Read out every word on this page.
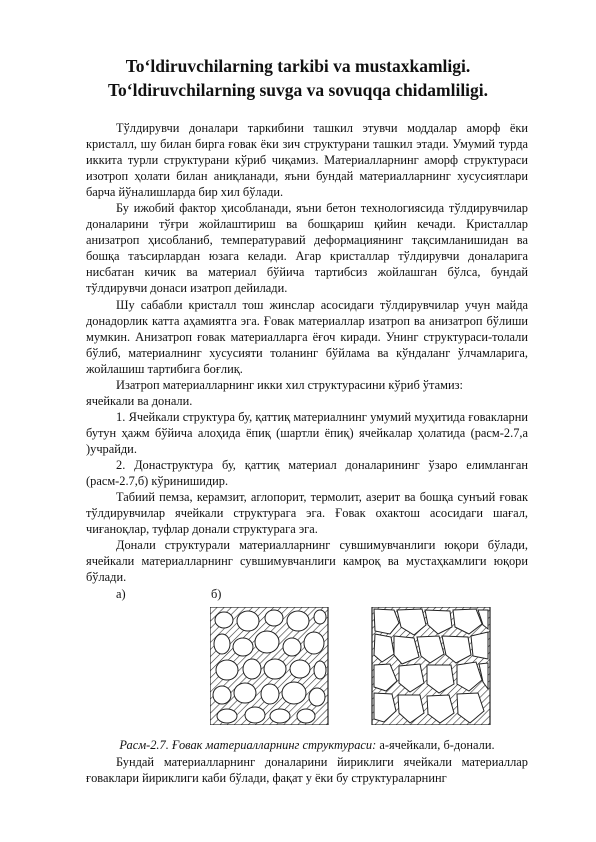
To‘ldiruvchilarning tarkibi va mustaxkamligi.
To‘ldiruvchilarning suvga va sovuqqa chidamliligi.

Тўлдирувчи доналари таркибини ташкил этувчи моддалар аморф ёки кристалл, шу билан бирга ғовак ёки зич структурани ташкил этади. Умумий турда иккита турли структурани кўриб чиқамиз. Материалларнинг аморф структураси изотроп ҳолати билан аниқланади, яъни бундай материалларнинг хусусиятлари барча йўналишларда бир хил бўлади.

Бу ижобий фактор ҳисобланади, яъни бетон технологиясида тўлдирувчилар доналарини тўғри жойлаштириш ва бошқариш қийин кечади. Кристаллар анизатроп ҳисобланиб, температуравий деформациянинг тақсимланишидан ва бошқа таъсирлардан юзага келади. Агар кристаллар тўлдирувчи доналарига нисбатан кичик ва материал бўйича тартибсиз жойлашган бўлса, бундай тўлдирувчи донаси изатроп дейилади.

Шу сабабли кристалл тош жинслар асосидаги тўлдирувчилар учун майда донадорлик катта аҳамиятга эга. Ғовак материаллар изатроп ва анизатроп бўлиши мумкин. Анизатроп ғовак материалларга ёғоч киради. Унинг структураси-толали бўлиб, материалнинг хусусияти толанинг бўйлама ва кўндаланг ўлчамларига, жойлашиш тартибига боғлиқ.

Изатроп материалларнинг икки хил структурасини кўриб ўтамиз:

ячейкали ва донали.

1. Ячейкали структура бу, қаттиқ материалнинг умумий муҳитида ғовакларни бутун ҳажм бўйича алоҳида ёпиқ (шартли ёпиқ) ячейкалар ҳолатида (расм-2.7,а )учрайди.

2. Донаструктура бу, қаттиқ материал доналарининг ўзаро елимланган (расм-2.7,б) кўринишидир.

Табиий пемза, керамзит, аглопорит, термолит, азерит ва бошқа сунъий ғовак тўлдирувчилар ячейкали структурага эга. Ғовак охактош асосидаги шағал, чиғаноқлар, туфлар донали структурага эга.

Донали структурали материалларнинг сувшимувчанлиги юқори бўлади, ячейкали материалларнинг сувшимувчанлиги камроқ ва мустаҳкамлиги юқори бўлади.

а)	б)
Расм-2.7. Ғовак материалларнинг структураси: а-ячейкали, б-донали.

Бундай материалларнинг доналарини йириклиги ячейкали материаллар ғоваклари йириклиги каби бўлади, фақат у ёки бу структураларнинг
